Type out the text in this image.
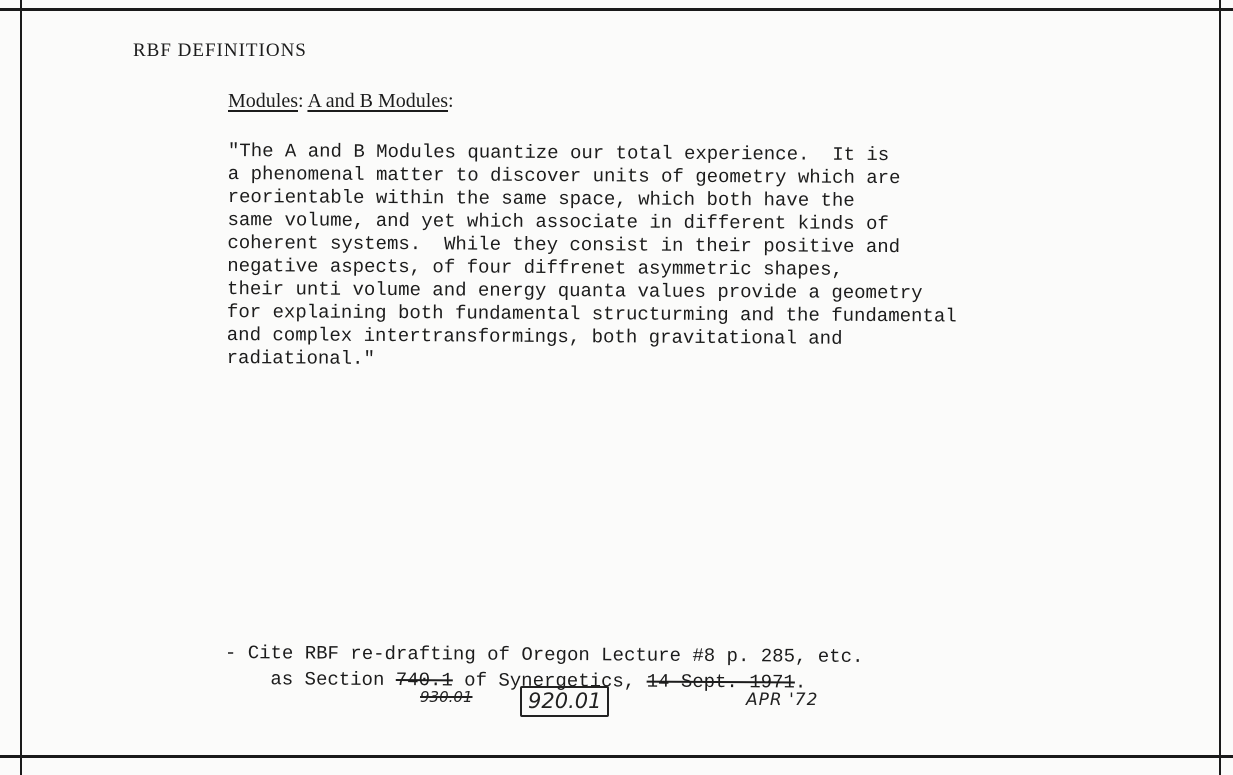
RBF DEFINITIONS
Modules: A and B Modules:
"The A and B Modules quantize our total experience.  It is
a phenomenal matter to discover units of geometry which are
reorientable within the same space, which both have the
same volume, and yet which associate in different kinds of
coherent systems.  While they consist in their positive and
negative aspects, of four diffrenet asymmetric shapes,
their unti volume and energy quanta values provide a geometry
for explaining both fundamental structurming and the fundamental
and complex intertransformings, both gravitational and
radiational."
- Cite RBF re-drafting of Oregon Lecture #8 p. 285, etc.
as Section 740.1 of Synergetics, 14 Sept. 1971.
930.01	920.01	APR '72
